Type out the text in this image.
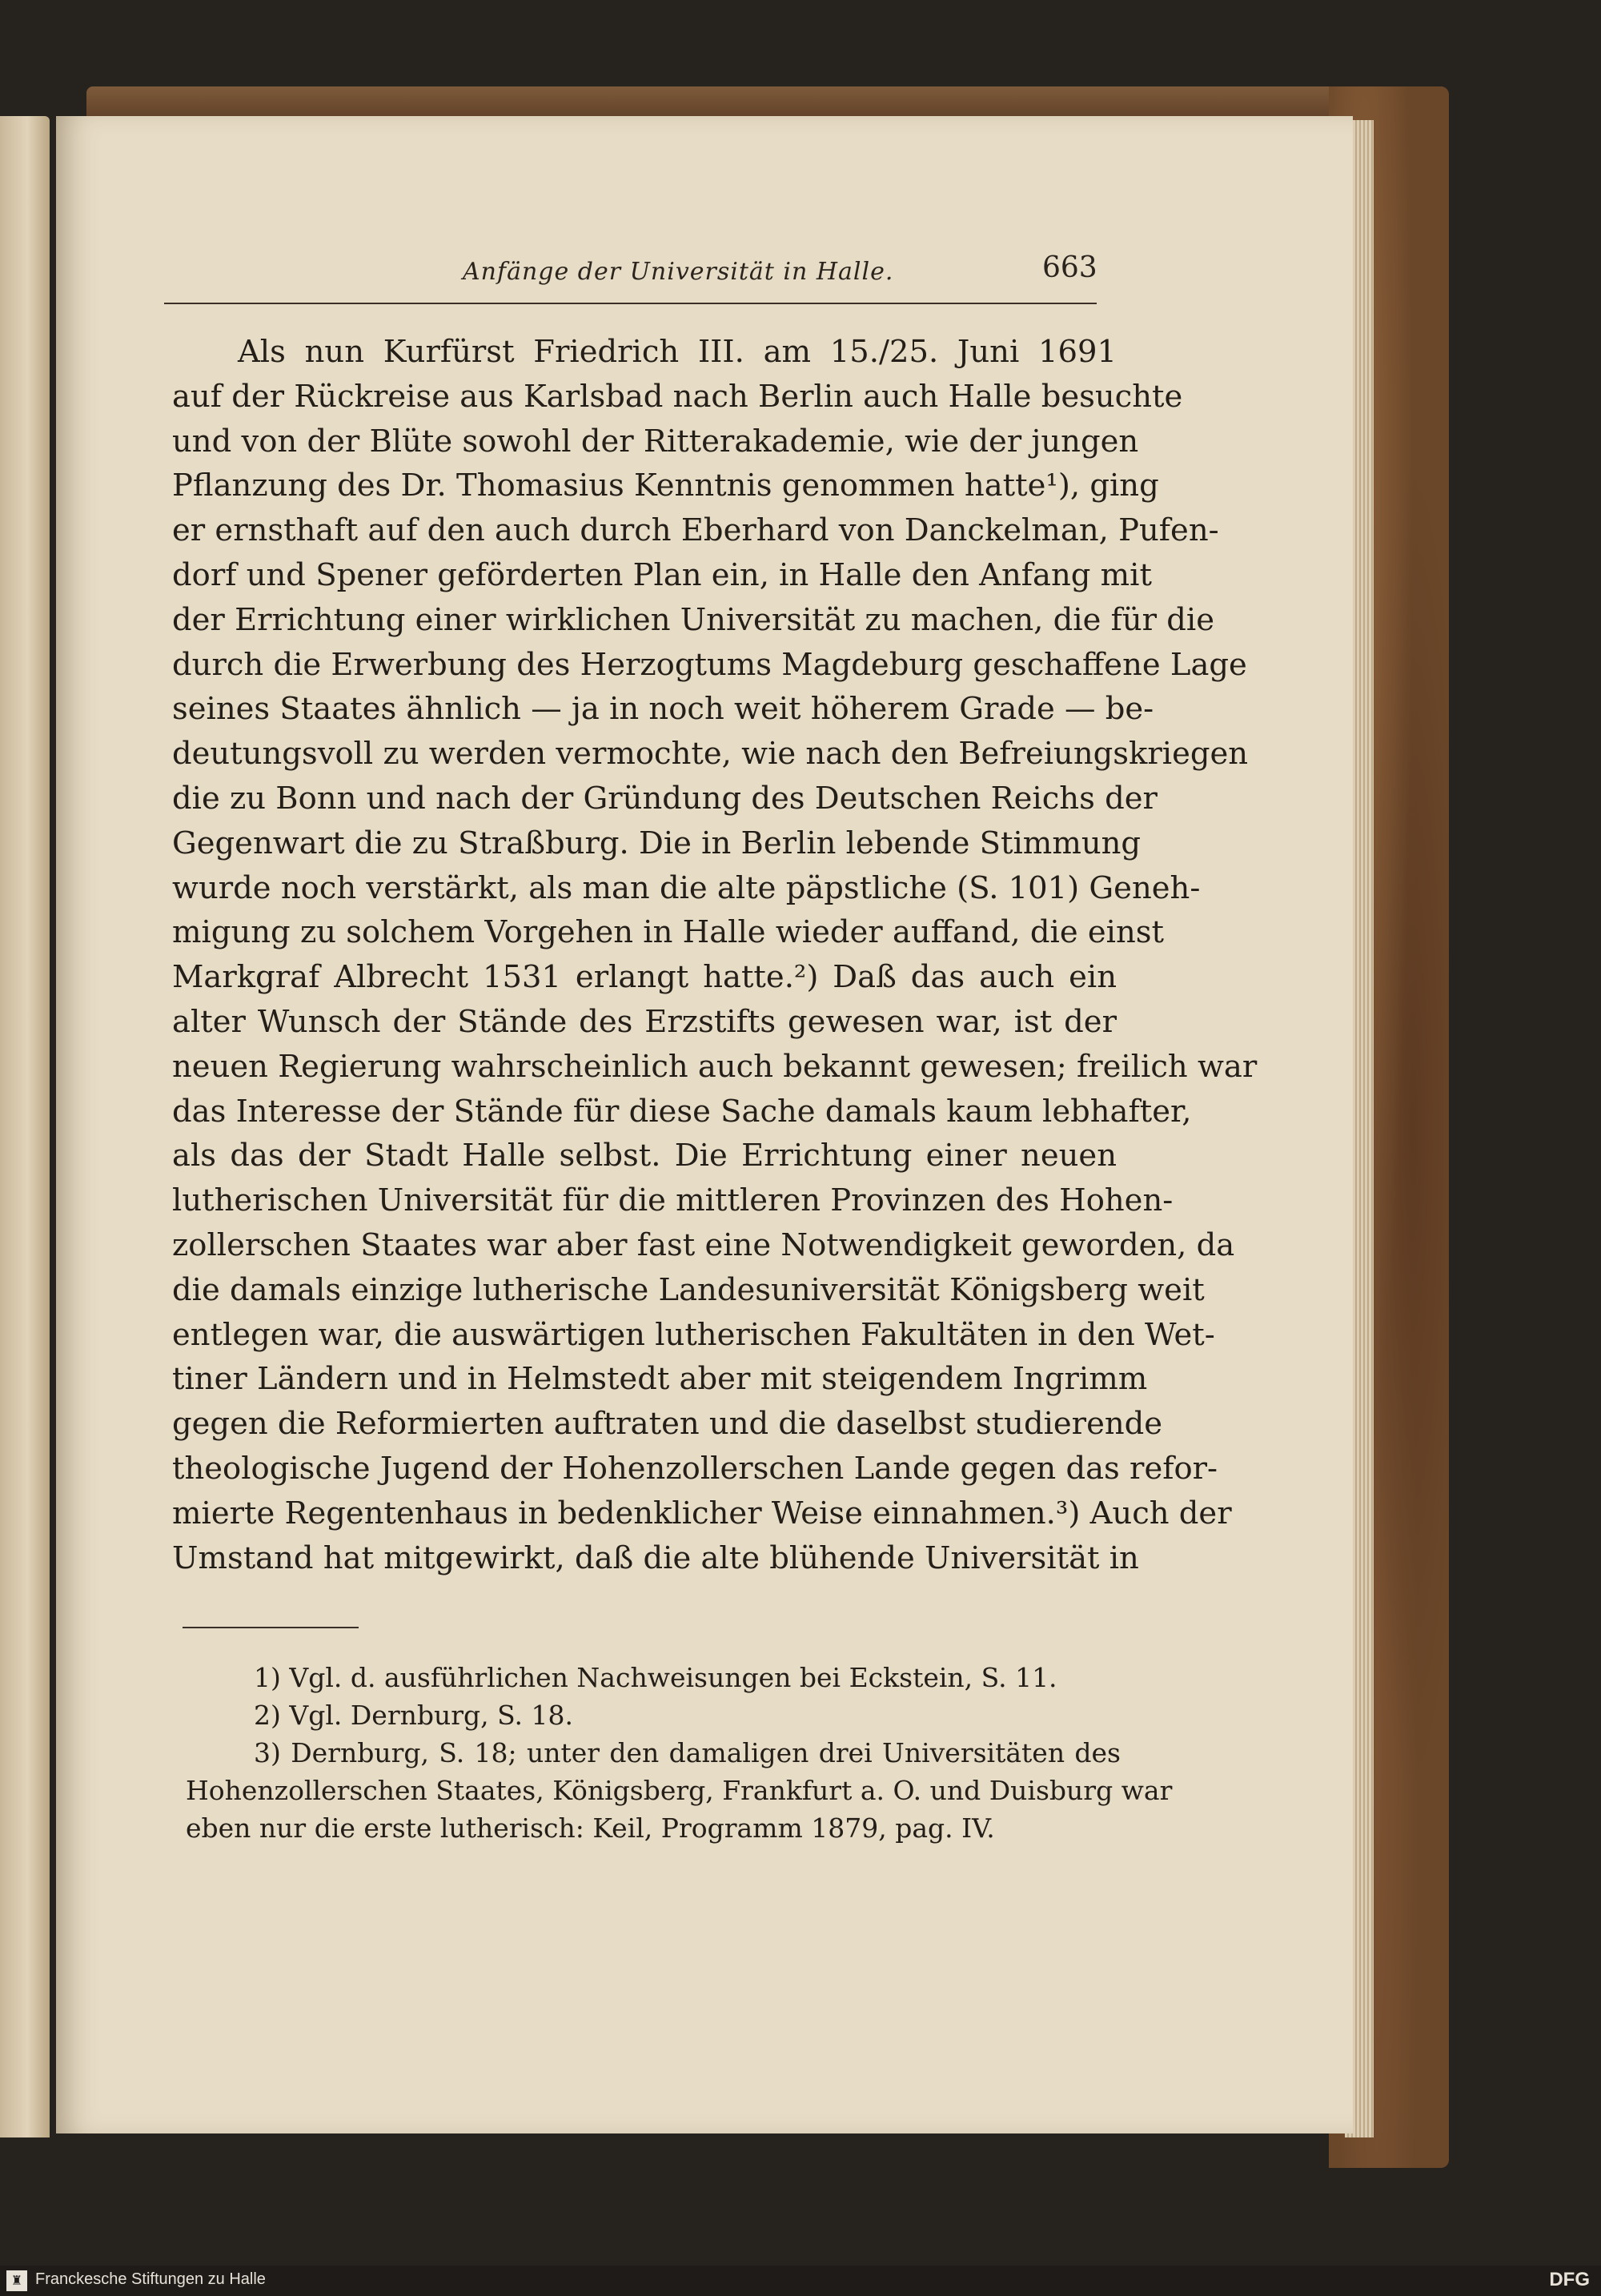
Anfänge der Universität in Halle.	663
Als nun Kurfürst Friedrich III. am 15./25. Juni 1691
auf der Rückreise aus Karlsbad nach Berlin auch Halle besuchte
und von der Blüte sowohl der Ritterakademie, wie der jungen
Pflanzung des Dr. Thomasius Kenntnis genommen hatte¹), ging
er ernsthaft auf den auch durch Eberhard von Danckelman, Pufen-
dorf und Spener geförderten Plan ein, in Halle den Anfang mit
der Errichtung einer wirklichen Universität zu machen, die für die
durch die Erwerbung des Herzogtums Magdeburg geschaffene Lage
seines Staates ähnlich — ja in noch weit höherem Grade — be-
deutungsvoll zu werden vermochte, wie nach den Befreiungskriegen
die zu Bonn und nach der Gründung des Deutschen Reichs der
Gegenwart die zu Straßburg. Die in Berlin lebende Stimmung
wurde noch verstärkt, als man die alte päpstliche (S. 101) Geneh-
migung zu solchem Vorgehen in Halle wieder auffand, die einst
Markgraf Albrecht 1531 erlangt hatte.²) Daß das auch ein
alter Wunsch der Stände des Erzstifts gewesen war, ist der
neuen Regierung wahrscheinlich auch bekannt gewesen; freilich war
das Interesse der Stände für diese Sache damals kaum lebhafter,
als das der Stadt Halle selbst. Die Errichtung einer neuen
lutherischen Universität für die mittleren Provinzen des Hohen-
zollerschen Staates war aber fast eine Notwendigkeit geworden, da
die damals einzige lutherische Landesuniversität Königsberg weit
entlegen war, die auswärtigen lutherischen Fakultäten in den Wet-
tiner Ländern und in Helmstedt aber mit steigendem Ingrimm
gegen die Reformierten auftraten und die daselbst studierende
theologische Jugend der Hohenzollerschen Lande gegen das refor-
mierte Regentenhaus in bedenklicher Weise einnahmen.³) Auch der
Umstand hat mitgewirkt, daß die alte blühende Universität in
1) Vgl. d. ausführlichen Nachweisungen bei Eckstein, S. 11.
2) Vgl. Dernburg, S. 18.
3) Dernburg, S. 18; unter den damaligen drei Universitäten des
Hohenzollerschen Staates, Königsberg, Frankfurt a. O. und Duisburg war
eben nur die erste lutherisch: Keil, Programm 1879, pag. IV.
♜ Franckesche Stiftungen zu Halle	DFG
